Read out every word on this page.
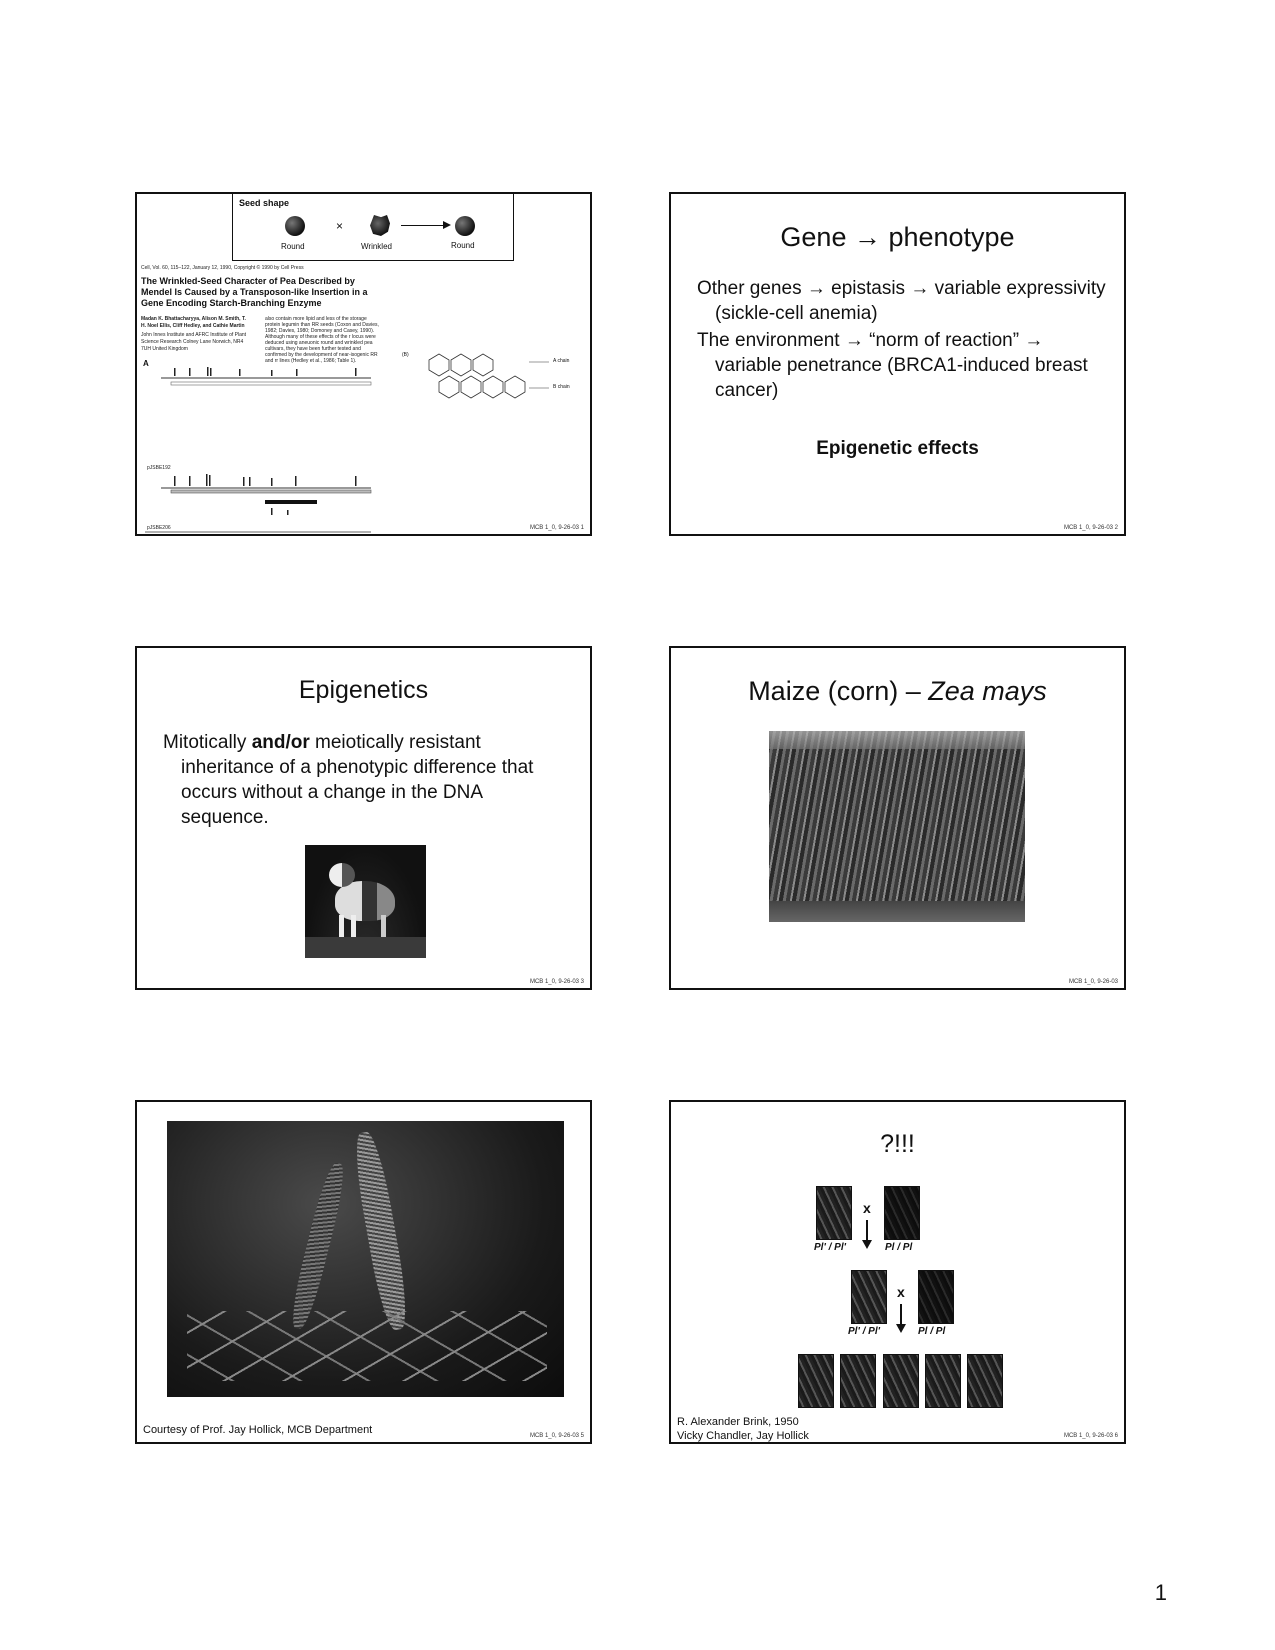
Seed shape
×
Round	Wrinkled	Round
Cell, Vol. 60, 115–122, January 12, 1990, Copyright © 1990 by Cell Press
The Wrinkled-Seed Character of Pea Described by Mendel Is Caused by a Transposon-like Insertion in a Gene Encoding Starch-Branching Enzyme
Madan K. Bhattacharyya, Alison M. Smith, T. H. Noel Ellis, Cliff Hedley, and Cathie Martin
John Innes Institute and AFRC Institute of Plant Science Research Colney Lane Norwich, NR4 7UH United Kingdom
also contain more lipid and less of the storage protein legumin than RR seeds (Coxon and Davies, 1982; Davies, 1980; Domoney and Casey, 1990). Although many of these effects of the r locus were deduced using aneuonic round and wrinkled pea cultivars, they have been further tested and confirmed by the development of near-isogenic RR and rr lines (Hedley et al., 1986; Table 1).
A
(B)
pJSBE192
pJSBE206
A chain
B chain
MCB 1_0, 9-26-03 1
Gene → phenotype
Other genes → epistasis → variable expressivity (sickle-cell anemia)
The environment → “norm of reaction” → variable penetrance (BRCA1-induced breast cancer)
Epigenetic effects
MCB 1_0, 9-26-03 2
Epigenetics
Mitotically and/or meiotically resistant inheritance of a phenotypic difference that occurs without a change in the DNA sequence.
MCB 1_0, 9-26-03 3
Maize (corn) – Zea mays
MCB 1_0, 9-26-03
Courtesy of Prof. Jay Hollick, MCB Department	MCB 1_0, 9-26-03 5
?!!!
x
Pl' / Pl'	Pl / Pl
x
Pl' / Pl'	Pl / Pl
R. Alexander Brink, 1950
Vicky Chandler, Jay Hollick	MCB 1_0, 9-26-03 6
1
